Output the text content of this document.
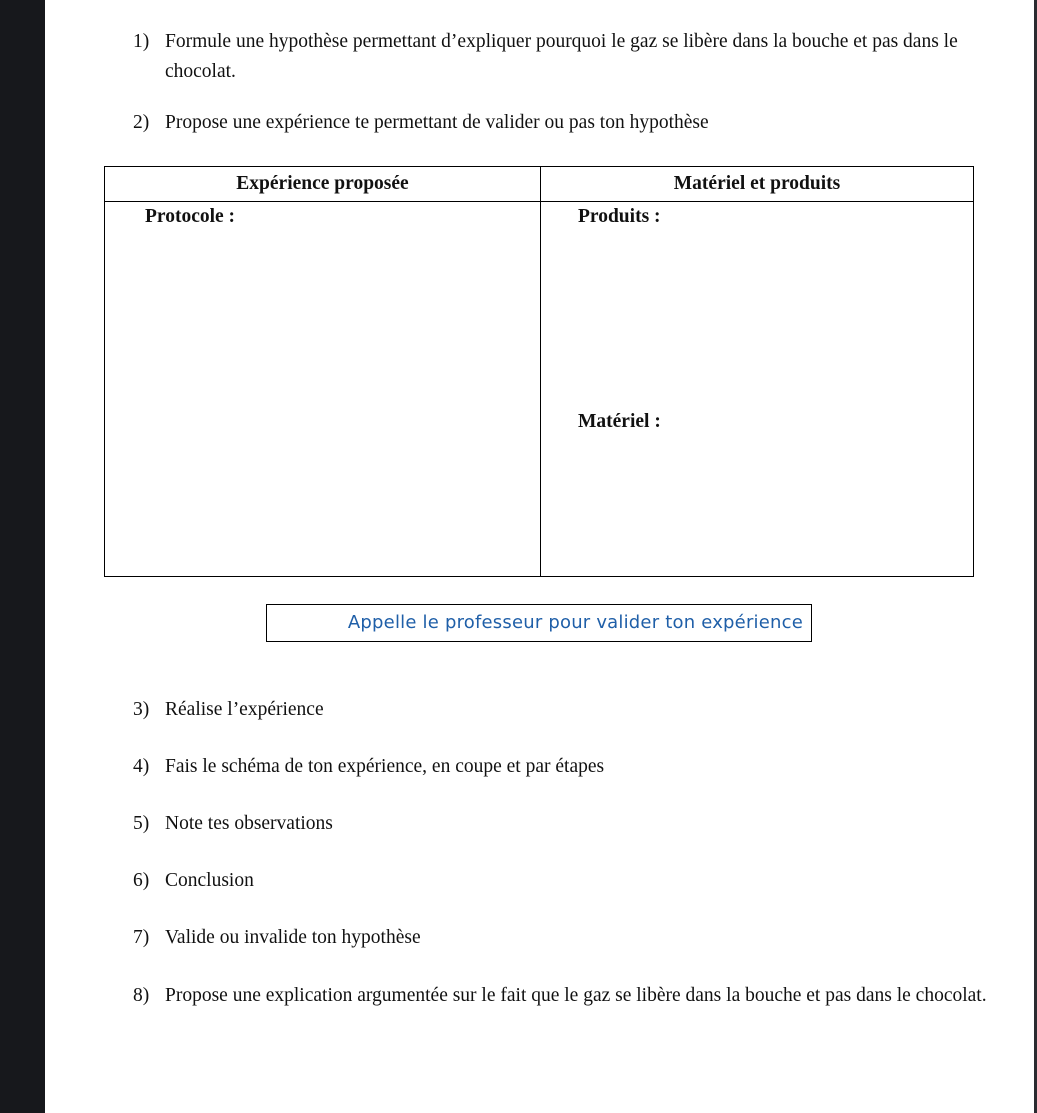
1) Formule une hypothèse permettant d’expliquer pourquoi le gaz se libère dans la bouche et pas dans le chocolat.
2) Propose une expérience te permettant de valider ou pas ton hypothèse
Expérience proposée	Matériel et produits
Protocole :	Produits :
Matériel :
Appelle le professeur pour valider ton expérience
3) Réalise l’expérience
4) Fais le schéma de ton expérience, en coupe et par étapes
5) Note tes observations
6) Conclusion
7) Valide ou invalide ton hypothèse
8) Propose une explication argumentée sur le fait que le gaz se libère dans la bouche et pas dans le chocolat.
